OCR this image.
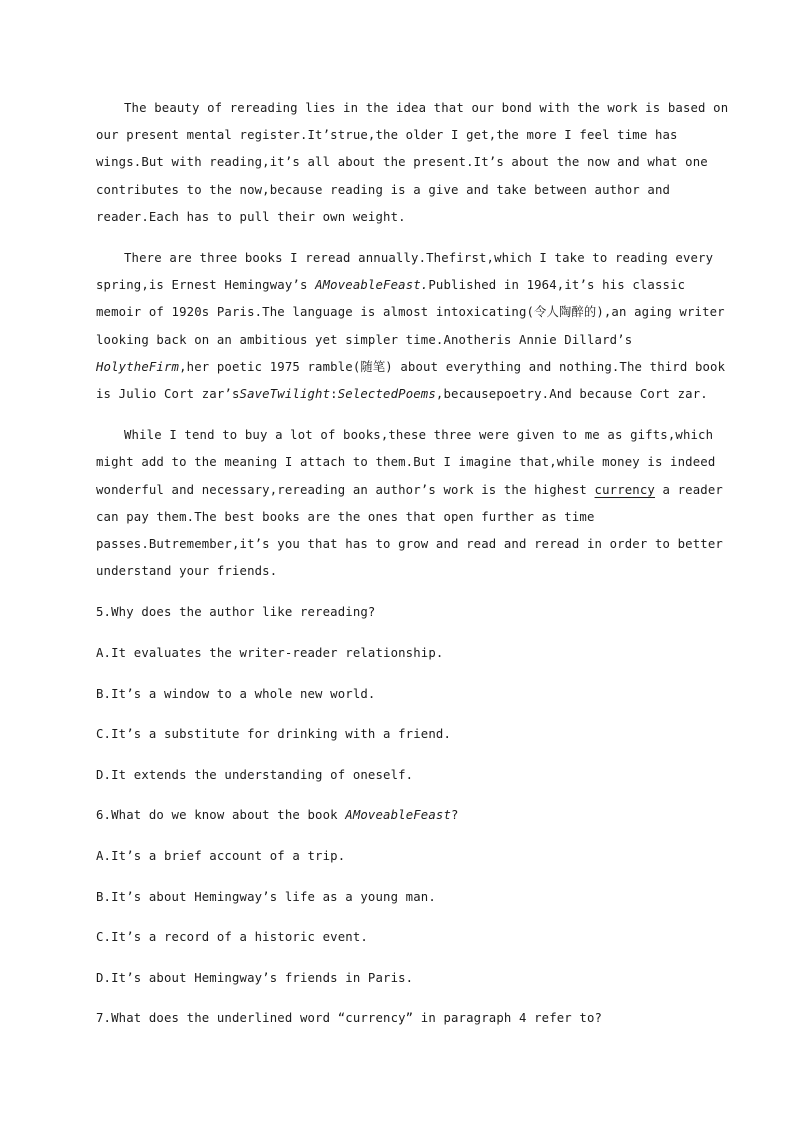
The beauty of rereading lies in the idea that our bond with the work is based on
our present mental register.It’strue,the older I get,the more I feel time has
wings.But with reading,it’s all about the present.It’s about the now and what one
contributes to the now,because reading is a give and take between author and
reader.Each has to pull their own weight.
There are three books I reread annually.Thefirst,which I take to reading every
spring,is Ernest Hemingway’s AMoveableFeast.Published in 1964,it’s his classic
memoir of 1920s Paris.The language is almost intoxicating(令人陶醉的),an aging writer
looking back on an ambitious yet simpler time.Anotheris Annie Dillard’s
HolytheFirm,her poetic 1975 ramble(随笔) about everything and nothing.The third book
is Julio Cort zar’sSaveTwilight:SelectedPoems,becausepoetry.And because Cort zar.
While I tend to buy a lot of books,these three were given to me as gifts,which
might add to the meaning I attach to them.But I imagine that,while money is indeed
wonderful and necessary,rereading an author’s work is the highest currency a reader
can pay them.The best books are the ones that open further as time
passes.Butremember,it’s you that has to grow and read and reread in order to better
understand your friends.
5.Why does the author like rereading?
A.It evaluates the writer-reader relationship.
B.It’s a window to a whole new world.
C.It’s a substitute for drinking with a friend.
D.It extends the understanding of oneself.
6.What do we know about the book AMoveableFeast?
A.It’s a brief account of a trip.
B.It’s about Hemingway’s life as a young man.
C.It’s a record of a historic event.
D.It’s about Hemingway’s friends in Paris.
7.What does the underlined word “currency” in paragraph 4 refer to?
